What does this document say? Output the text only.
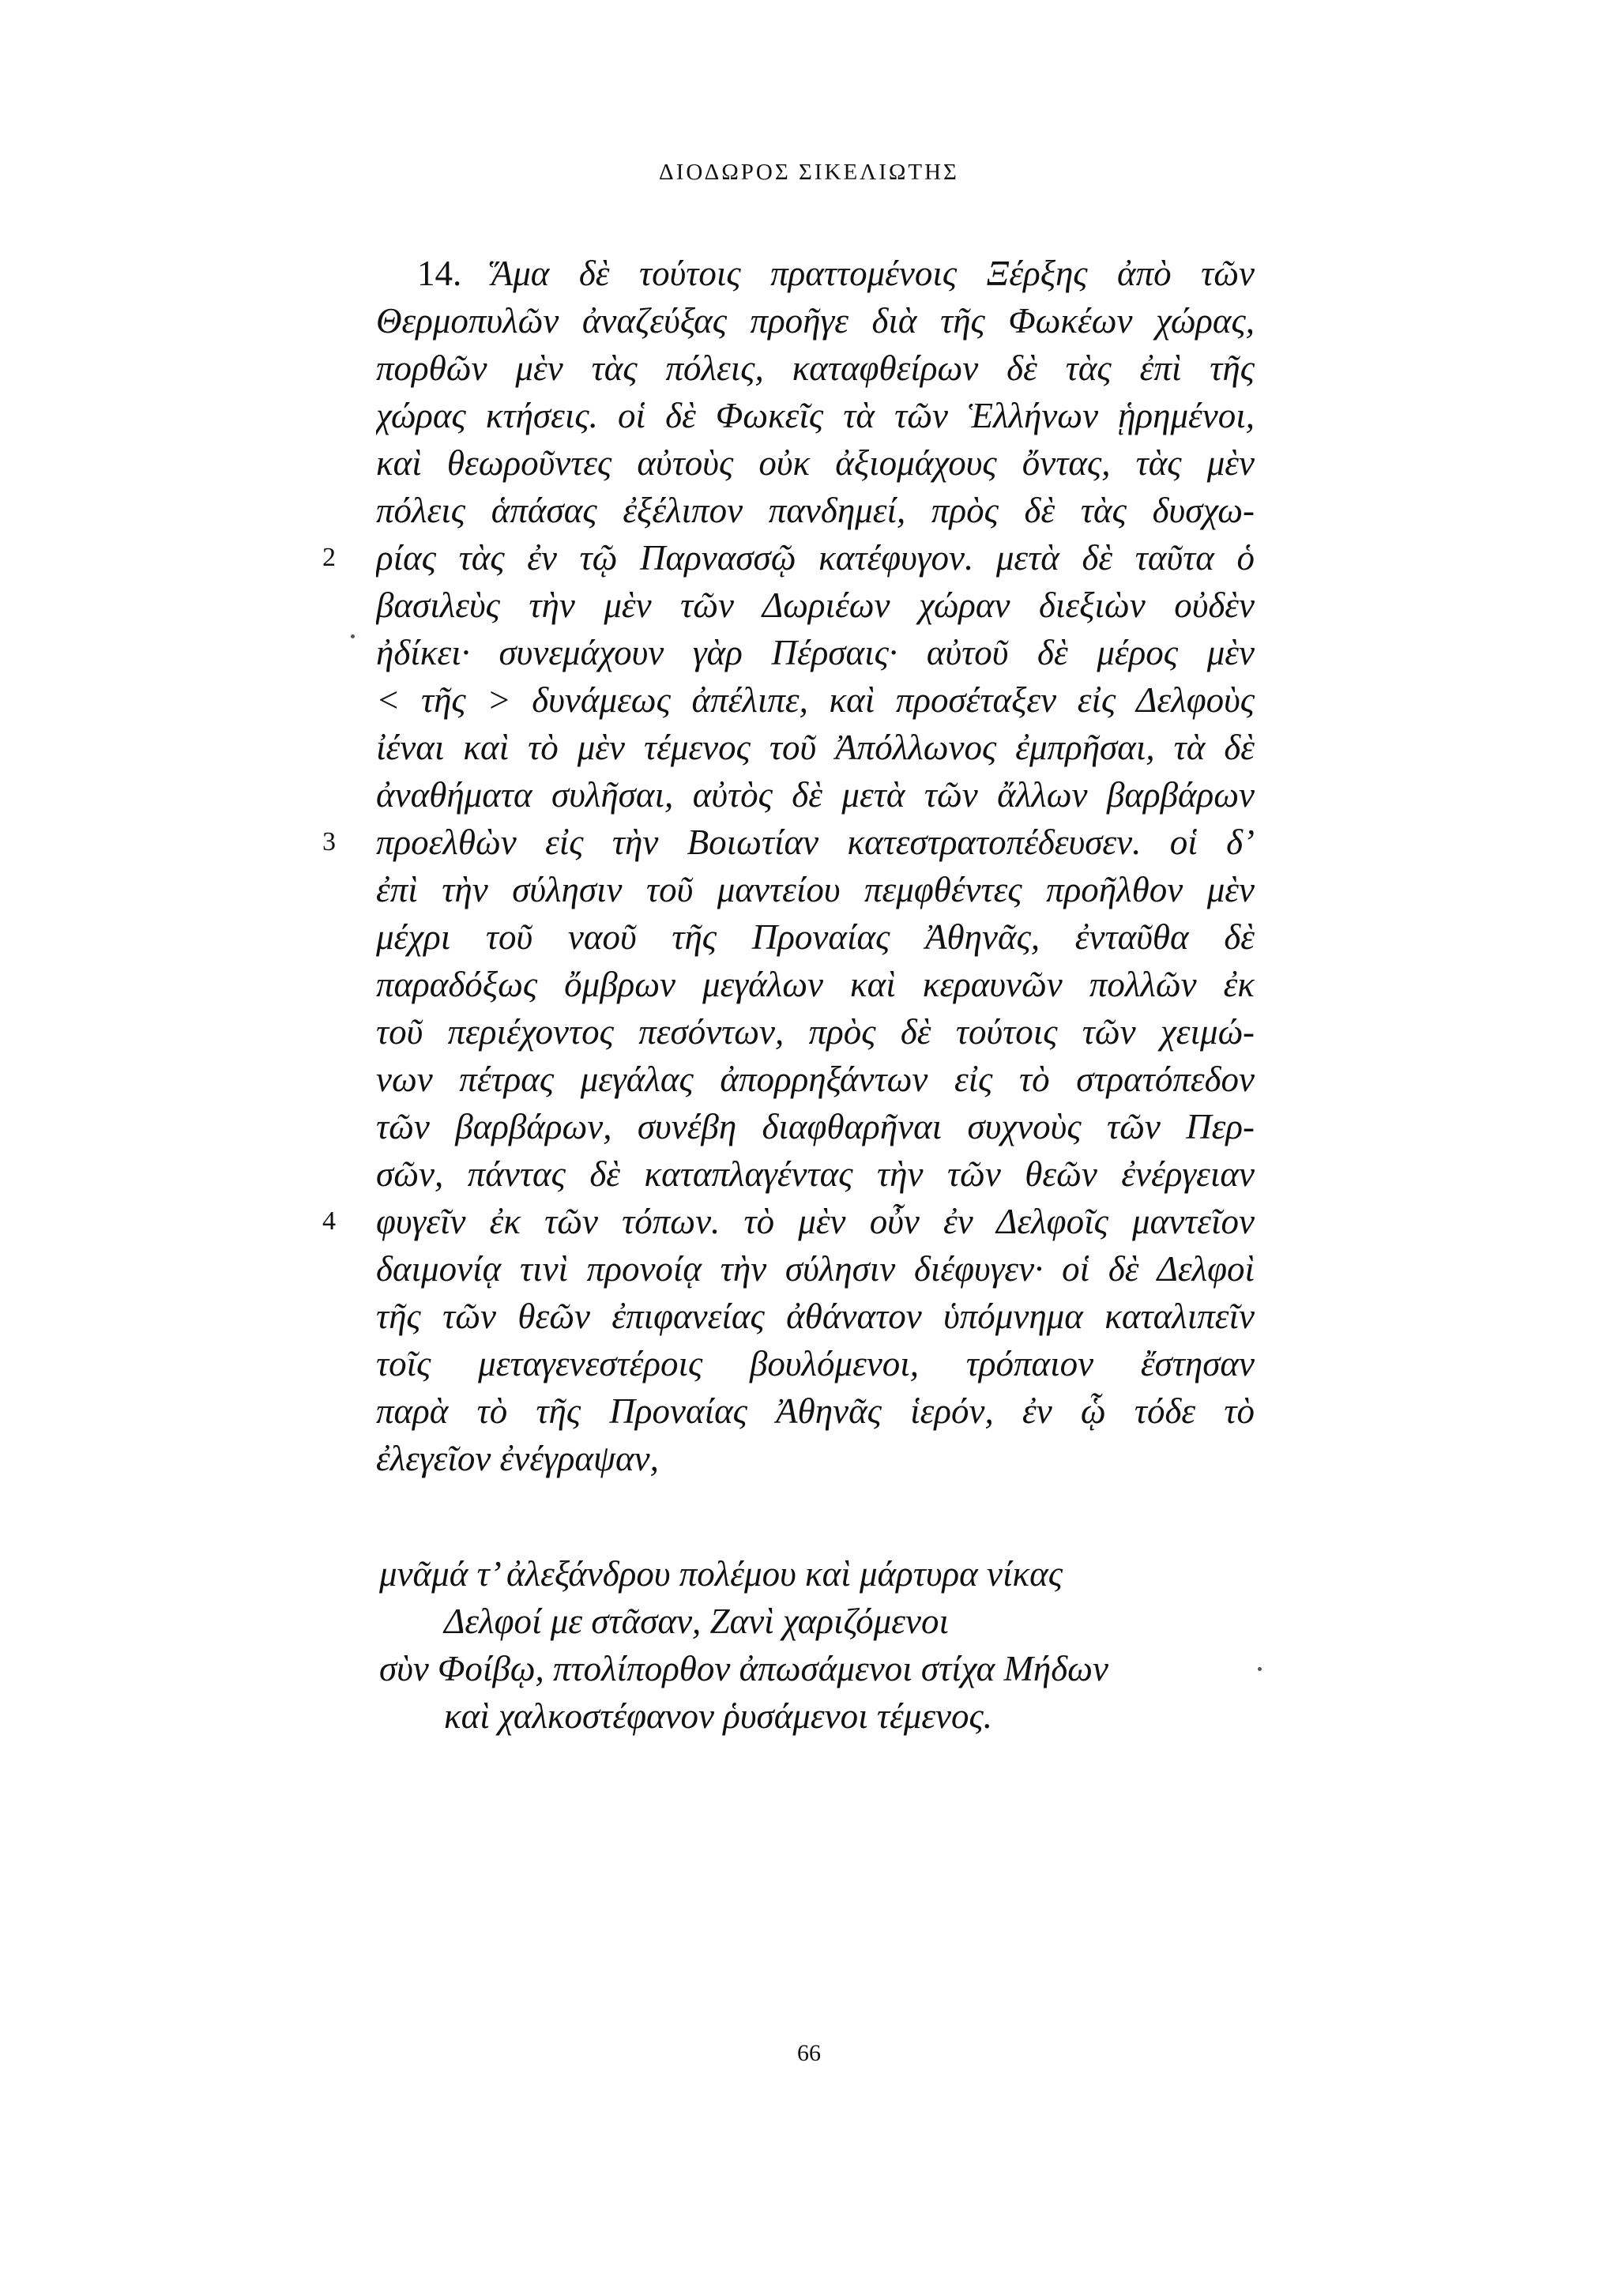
ΔΙΟΔΩΡΟΣ ΣΙΚΕΛΙΩΤΗΣ
14. Ἅμα δὲ τούτοις πραττομένοις Ξέρξης ἀπὸ τῶν
Θερμοπυλῶν ἀναζεύξας προῆγε διὰ τῆς Φωκέων χώρας,
πορθῶν μὲν τὰς πόλεις, καταφθείρων δὲ τὰς ἐπὶ τῆς
χώρας κτήσεις. οἱ δὲ Φωκεῖς τὰ τῶν Ἑλλήνων ᾑρημένοι,
καὶ θεωροῦντες αὐτοὺς οὐκ ἀξιομάχους ὄντας, τὰς μὲν
πόλεις ἁπάσας ἐξέλιπον πανδημεί, πρὸς δὲ τὰς δυσχω-
2 ρίας τὰς ἐν τῷ Παρνασσῷ κατέφυγον. μετὰ δὲ ταῦτα ὁ
βασιλεὺς τὴν μὲν τῶν Δωριέων χώραν διεξιὼν οὐδὲν
ἠδίκει· συνεμάχουν γὰρ Πέρσαις· αὐτοῦ δὲ μέρος μὲν
< τῆς > δυνάμεως ἀπέλιπε, καὶ προσέταξεν εἰς Δελφοὺς
ἰέναι καὶ τὸ μὲν τέμενος τοῦ Ἀπόλλωνος ἐμπρῆσαι, τὰ δὲ
ἀναθήματα συλῆσαι, αὐτὸς δὲ μετὰ τῶν ἄλλων βαρβάρων
3 προελθὼν εἰς τὴν Βοιωτίαν κατεστρατοπέδευσεν. οἱ δ’
ἐπὶ τὴν σύλησιν τοῦ μαντείου πεμφθέντες προῆλθον μὲν
μέχρι τοῦ ναοῦ τῆς Προναίας Ἀθηνᾶς, ἐνταῦθα δὲ
παραδόξως ὄμβρων μεγάλων καὶ κεραυνῶν πολλῶν ἐκ
τοῦ περιέχοντος πεσόντων, πρὸς δὲ τούτοις τῶν χειμώ-
νων πέτρας μεγάλας ἀπορρηξάντων εἰς τὸ στρατόπεδον
τῶν βαρβάρων, συνέβη διαφθαρῆναι συχνοὺς τῶν Περ-
σῶν, πάντας δὲ καταπλαγέντας τὴν τῶν θεῶν ἐνέργειαν
4 φυγεῖν ἐκ τῶν τόπων. τὸ μὲν οὖν ἐν Δελφοῖς μαντεῖον
δαιμονίᾳ τινὶ προνοίᾳ τὴν σύλησιν διέφυγεν· οἱ δὲ Δελφοὶ
τῆς τῶν θεῶν ἐπιφανείας ἀθάνατον ὑπόμνημα καταλιπεῖν
τοῖς μεταγενεστέροις βουλόμενοι, τρόπαιον ἔστησαν
παρὰ τὸ τῆς Προναίας Ἀθηνᾶς ἱερόν, ἐν ᾧ τόδε τὸ
ἐλεγεῖον ἐνέγραψαν,
μνᾶμά τ’ ἀλεξάνδρου πολέμου καὶ μάρτυρα νίκας
Δελφοί με στᾶσαν, Ζανὶ χαριζόμενοι
σὺν Φοίβῳ, πτολίπορθον ἀπωσάμενοι στίχα Μήδων
καὶ χαλκοστέφανον ῥυσάμενοι τέμενος.
66
